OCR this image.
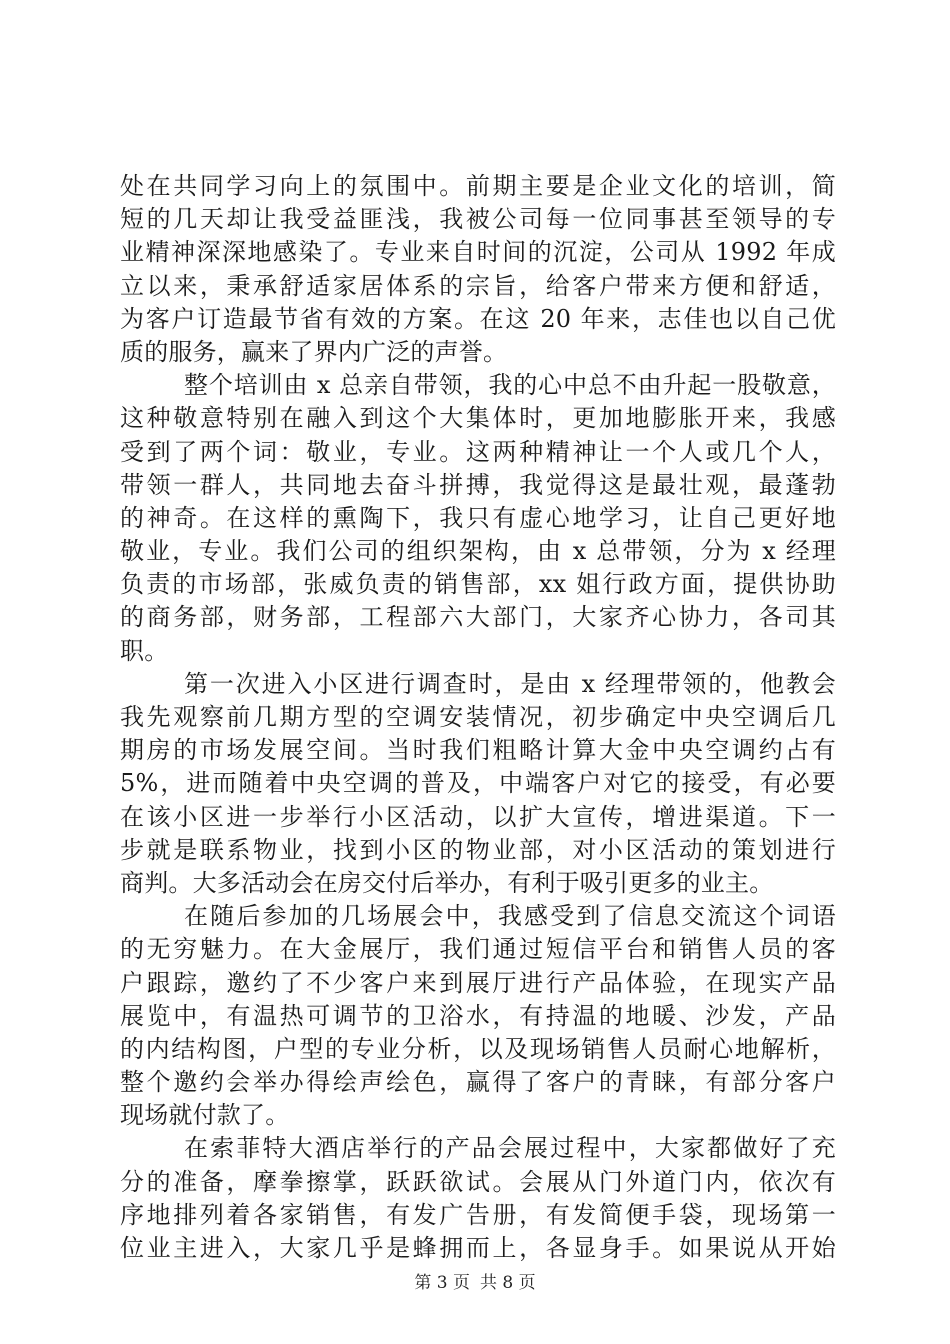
处在共同学习向上的氛围中。前期主要是企业文化的培训，简
短的几天却让我受益匪浅，我被公司每一位同事甚至领导的专
业精神深深地感染了。专业来自时间的沉淀，公司从 1992 年成
立以来，秉承舒适家居体系的宗旨，给客户带来方便和舒适，
为客户订造最节省有效的方案。在这 20 年来，志佳也以自己优
质的服务，赢来了界内广泛的声誉。
整个培训由 x 总亲自带领，我的心中总不由升起一股敬意，
这种敬意特别在融入到这个大集体时，更加地膨胀开来，我感
受到了两个词：敬业，专业。这两种精神让一个人或几个人，
带领一群人，共同地去奋斗拼搏，我觉得这是最壮观，最蓬勃
的神奇。在这样的熏陶下，我只有虚心地学习，让自己更好地
敬业，专业。我们公司的组织架构，由 x 总带领，分为 x 经理
负责的市场部，张威负责的销售部，xx 姐行政方面，提供协助
的商务部，财务部，工程部六大部门，大家齐心协力，各司其
职。
第一次进入小区进行调查时，是由 x 经理带领的，他教会
我先观察前几期方型的空调安装情况，初步确定中央空调后几
期房的市场发展空间。当时我们粗略计算大金中央空调约占有
5%，进而随着中央空调的普及，中端客户对它的接受，有必要
在该小区进一步举行小区活动，以扩大宣传，增进渠道。下一
步就是联系物业，找到小区的物业部，对小区活动的策划进行
商判。大多活动会在房交付后举办，有利于吸引更多的业主。
在随后参加的几场展会中，我感受到了信息交流这个词语
的无穷魅力。在大金展厅，我们通过短信平台和销售人员的客
户跟踪，邀约了不少客户来到展厅进行产品体验，在现实产品
展览中，有温热可调节的卫浴水，有持温的地暖、沙发，产品
的内结构图，户型的专业分析，以及现场销售人员耐心地解析，
整个邀约会举办得绘声绘色，赢得了客户的青睐，有部分客户
现场就付款了。
在索菲特大酒店举行的产品会展过程中，大家都做好了充
分的准备，摩拳擦掌，跃跃欲试。会展从门外道门内，依次有
序地排列着各家销售，有发广告册，有发简便手袋，现场第一
位业主进入，大家几乎是蜂拥而上，各显身手。如果说从开始
第 3 页 共 8 页
